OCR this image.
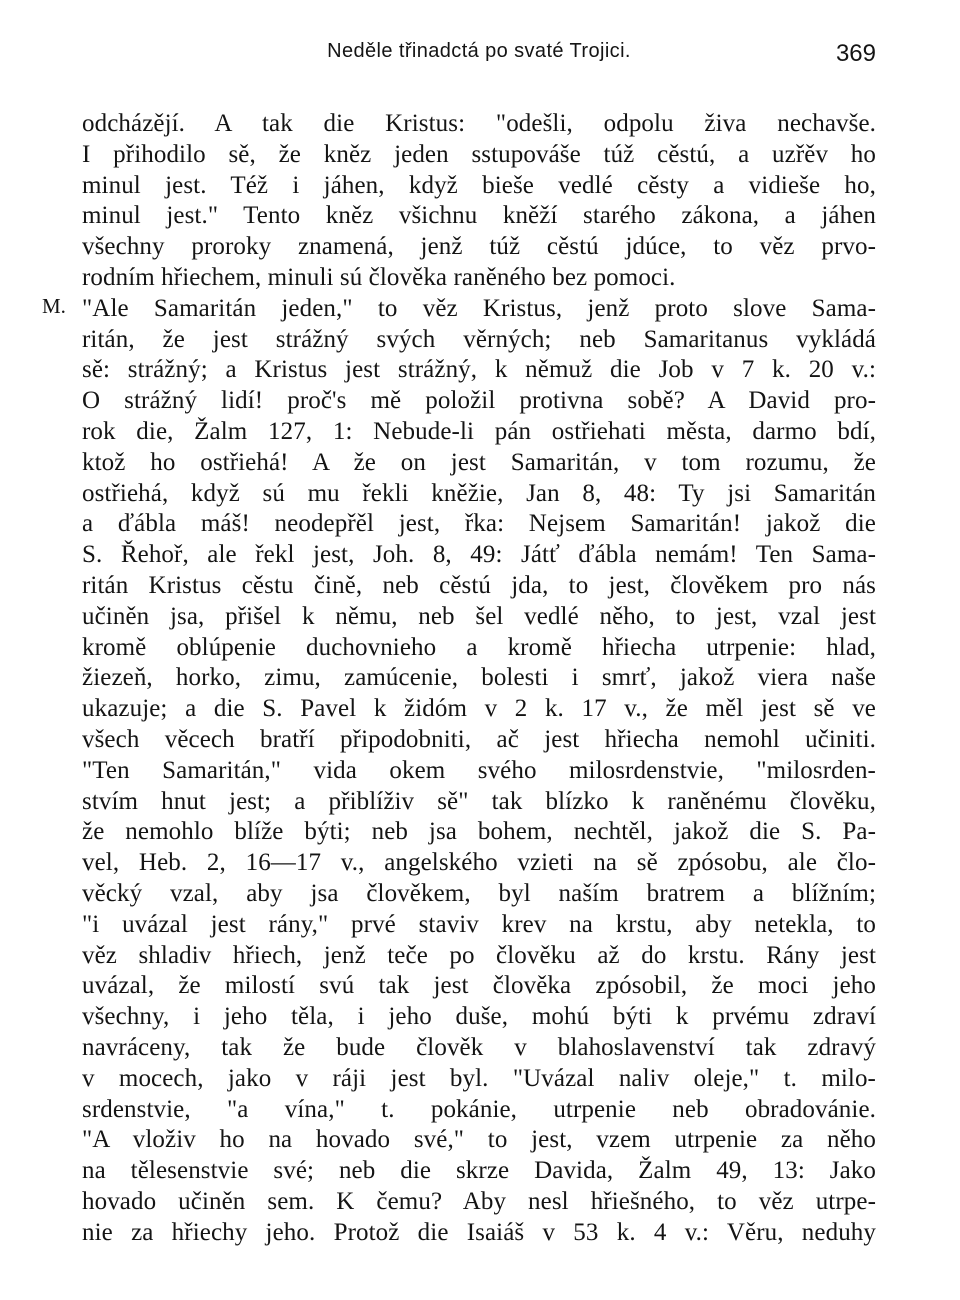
Neděle třinadctá po svaté Trojici.	369
M.
odcházějí. A tak die Kristus: "odešli, odpolu živa nechavše.
I přihodilo sě, že kněz jeden sstupováše túž cěstú, a uzřěv ho
minul jest. Též i jáhen, když bieše vedlé cěsty a vidieše ho,
minul jest." Tento kněz všichnu kněží starého zákona, a jáhen
všechny proroky znamená, jenž túž cěstú jdúce, to věz prvo-
rodním hřiechem, minuli sú člověka raněného bez pomoci.
"Ale Samaritán jeden," to věz Kristus, jenž proto slove Sama-
ritán, že jest strážný svých věrných; neb Samaritanus vykládá
sě: strážný; a Kristus jest strážný, k němuž die Job v 7 k. 20 v.:
O strážný lidí! proč's mě položil protivna sobě? A David pro-
rok die, Žalm 127, 1: Nebude-li pán ostřiehati města, darmo bdí,
ktož ho ostřiehá! A že on jest Samaritán, v tom rozumu, že
ostřiehá, když sú mu řekli kněžie, Jan 8, 48: Ty jsi Samaritán
a ďábla máš! neodepřěl jest, řka: Nejsem Samaritán! jakož die
S. Řehoř, ale řekl jest, Joh. 8, 49: Játť ďábla nemám! Ten Sama-
ritán Kristus cěstu čině, neb cěstú jda, to jest, člověkem pro nás
učiněn jsa, přišel k němu, neb šel vedlé něho, to jest, vzal jest
kromě oblúpenie duchovnieho a kromě hřiecha utrpenie: hlad,
žiezeň, horko, zimu, zamúcenie, bolesti i smrť, jakož viera naše
ukazuje; a die S. Pavel k židóm v 2 k. 17 v., že měl jest sě ve
všech věcech bratří připodobniti, ač jest hřiecha nemohl učiniti.
"Ten Samaritán," vida okem svého milosrdenstvie, "milosrden-
stvím hnut jest; a přiblíživ sě" tak blízko k raněnému člověku,
že nemohlo blíže býti; neb jsa bohem, nechtěl, jakož die S. Pa-
vel, Heb. 2, 16—17 v., angelského vzieti na sě zpósobu, ale člo-
věcký vzal, aby jsa člověkem, byl naším bratrem a blížním;
"i uvázal jest rány," prvé staviv krev na krstu, aby netekla, to
věz shladiv hřiech, jenž teče po člověku až do krstu. Rány jest
uvázal, že milostí svú tak jest člověka zpósobil, že moci jeho
všechny, i jeho těla, i jeho duše, mohú býti k prvému zdraví
navráceny, tak že bude člověk v blahoslavenství tak zdravý
v mocech, jako v ráji jest byl. "Uvázal naliv oleje," t. milo-
srdenstvie, "a vína," t. pokánie, utrpenie neb obradovánie.
"A vloživ ho na hovado své," to jest, vzem utrpenie za něho
na tělesenstvie své; neb die skrze Davida, Žalm 49, 13: Jako
hovado učiněn sem. K čemu? Aby nesl hřiešného, to věz utrpe-
nie za hřiechy jeho. Protož die Isaiáš v 53 k. 4 v.: Věru, neduhy
